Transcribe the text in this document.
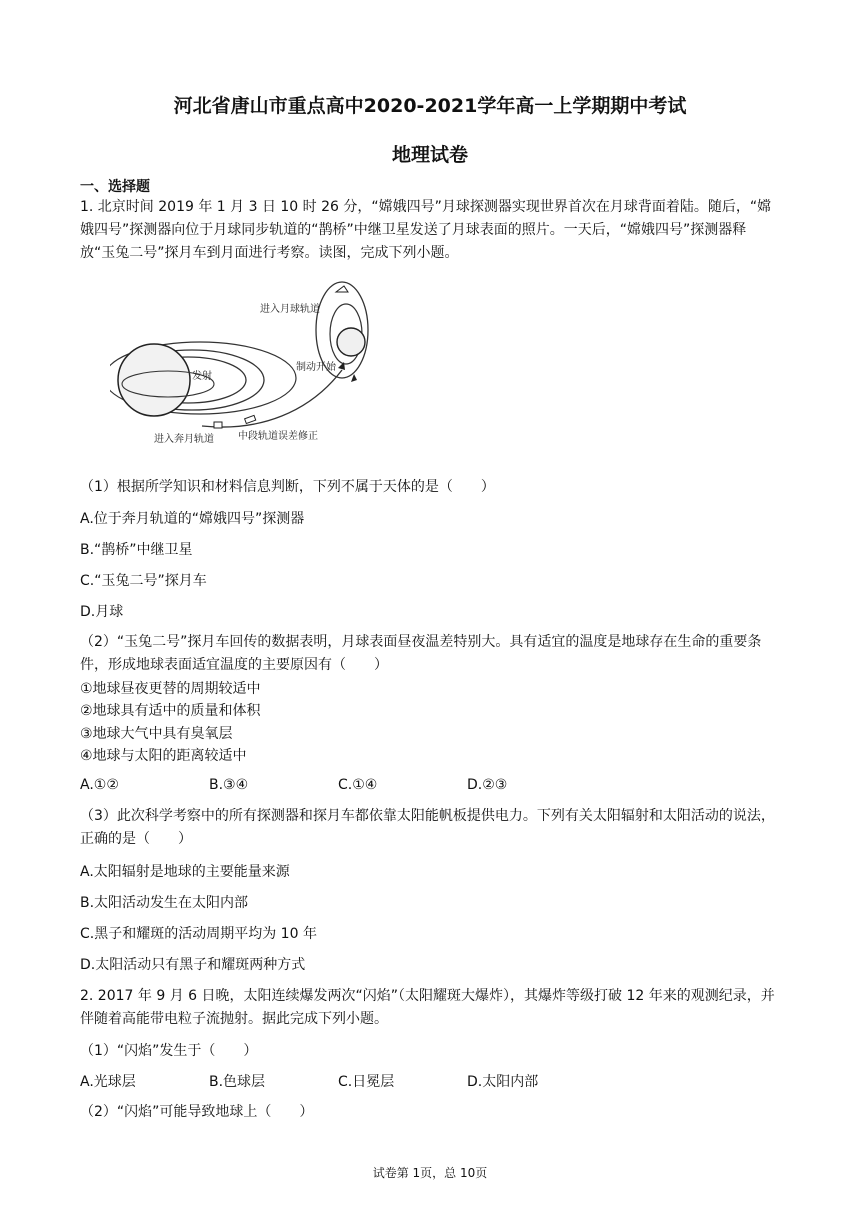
河北省唐山市重点高中2020-2021学年高一上学期期中考试
地理试卷
一、选择题
1. 北京时间 2019 年 1 月 3 日 10 时 26 分，“嫦娥四号”月球探测器实现世界首次在月球背面着陆。随后，“嫦娥四号”探测器向位于月球同步轨道的“鹊桥”中继卫星发送了月球表面的照片。一天后，“嫦娥四号”探测器释放“玉兔二号”探月车到月面进行考察。读图，完成下列小题。
进入月球轨道
发射
制动开始
进入奔月轨道 中段轨道误差修正
（1）根据所学知识和材料信息判断，下列不属于天体的是（　　）
A.位于奔月轨道的“嫦娥四号”探测器
B.“鹊桥”中继卫星
C.“玉兔二号”探月车
D.月球
（2）“玉兔二号”探月车回传的数据表明，月球表面昼夜温差特别大。具有适宜的温度是地球存在生命的重要条件，形成地球表面适宜温度的主要原因有（　　）
①地球昼夜更替的周期较适中
②地球具有适中的质量和体积
③地球大气中具有臭氧层
④地球与太阳的距离较适中
A.①②	B.③④	C.①④	D.②③
（3）此次科学考察中的所有探测器和探月车都依靠太阳能帆板提供电力。下列有关太阳辐射和太阳活动的说法，正确的是（　　）
A.太阳辐射是地球的主要能量来源
B.太阳活动发生在太阳内部
C.黑子和耀斑的活动周期平均为 10 年
D.太阳活动只有黑子和耀斑两种方式
2. 2017 年 9 月 6 日晚，太阳连续爆发两次“闪焰”（太阳耀斑大爆炸），其爆炸等级打破 12 年来的观测纪录，并伴随着高能带电粒子流抛射。据此完成下列小题。
（1）“闪焰”发生于（　　）
A.光球层	B.色球层	C.日冕层	D.太阳内部
（2）“闪焰”可能导致地球上（　　）
试卷第 1页，总 10页
